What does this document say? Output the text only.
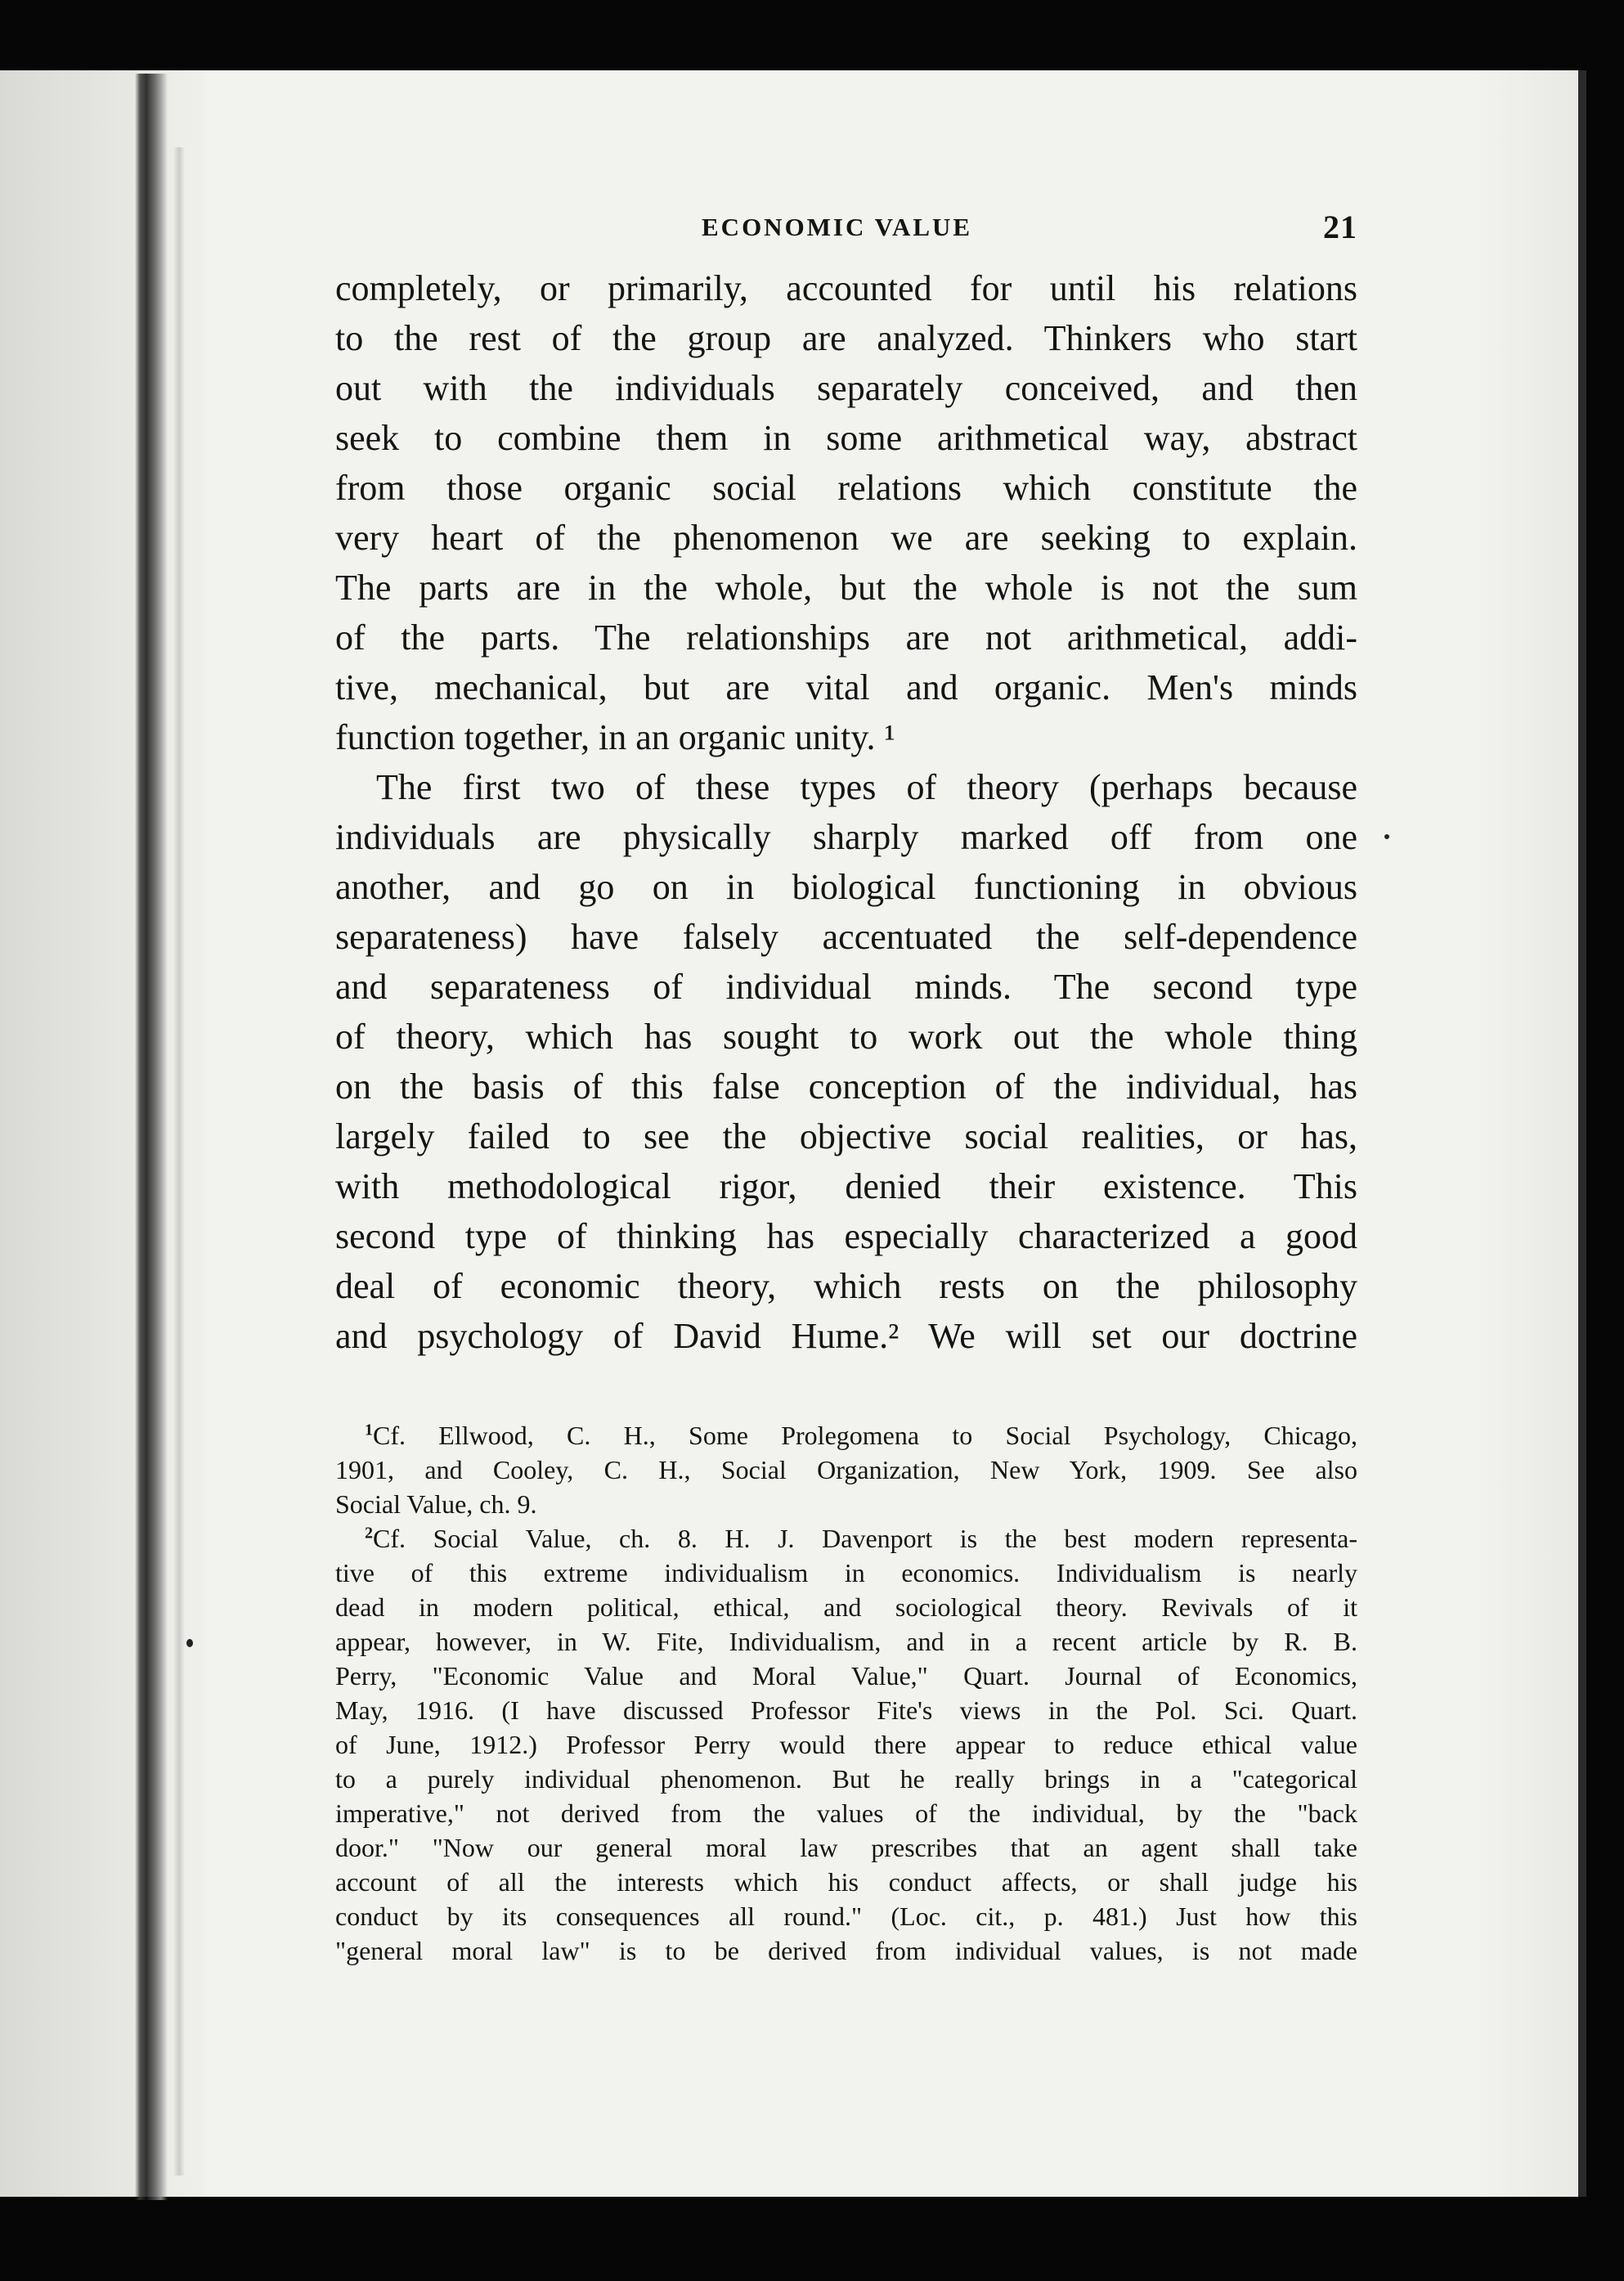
ECONOMIC VALUE	21
completely, or primarily, accounted for until his relations
to the rest of the group are analyzed. Thinkers who start
out with the individuals separately conceived, and then
seek to combine them in some arithmetical way, abstract
from those organic social relations which constitute the
very heart of the phenomenon we are seeking to explain.
The parts are in the whole, but the whole is not the sum
of the parts. The relationships are not arithmetical, addi-
tive, mechanical, but are vital and organic. Men's minds
function together, in an organic unity. ¹
The first two of these types of theory (perhaps because
individuals are physically sharply marked off from one
another, and go on in biological functioning in obvious
separateness) have falsely accentuated the self-dependence
and separateness of individual minds. The second type
of theory, which has sought to work out the whole thing
on the basis of this false conception of the individual, has
largely failed to see the objective social realities, or has,
with methodological rigor, denied their existence. This
second type of thinking has especially characterized a good
deal of economic theory, which rests on the philosophy
and psychology of David Hume.² We will set our doctrine
$^1$Cf. Ellwood, C. H., Some Prolegomena to Social Psychology, Chicago,
1901, and Cooley, C. H., Social Organization, New York, 1909. See also
Social Value, ch. 9.
$^2$Cf. Social Value, ch. 8. H. J. Davenport is the best modern representa-
tive of this extreme individualism in economics. Individualism is nearly
dead in modern political, ethical, and sociological theory. Revivals of it
appear, however, in W. Fite, Individualism, and in a recent article by R. B.
Perry, "Economic Value and Moral Value," Quart. Journal of Economics,
May, 1916. (I have discussed Professor Fite's views in the Pol. Sci. Quart.
of June, 1912.) Professor Perry would there appear to reduce ethical value
to a purely individual phenomenon. But he really brings in a "categorical
imperative," not derived from the values of the individual, by the "back
door." "Now our general moral law prescribes that an agent shall take
account of all the interests which his conduct affects, or shall judge his
conduct by its consequences all round." (Loc. cit., p. 481.) Just how this
"general moral law" is to be derived from individual values, is not made
